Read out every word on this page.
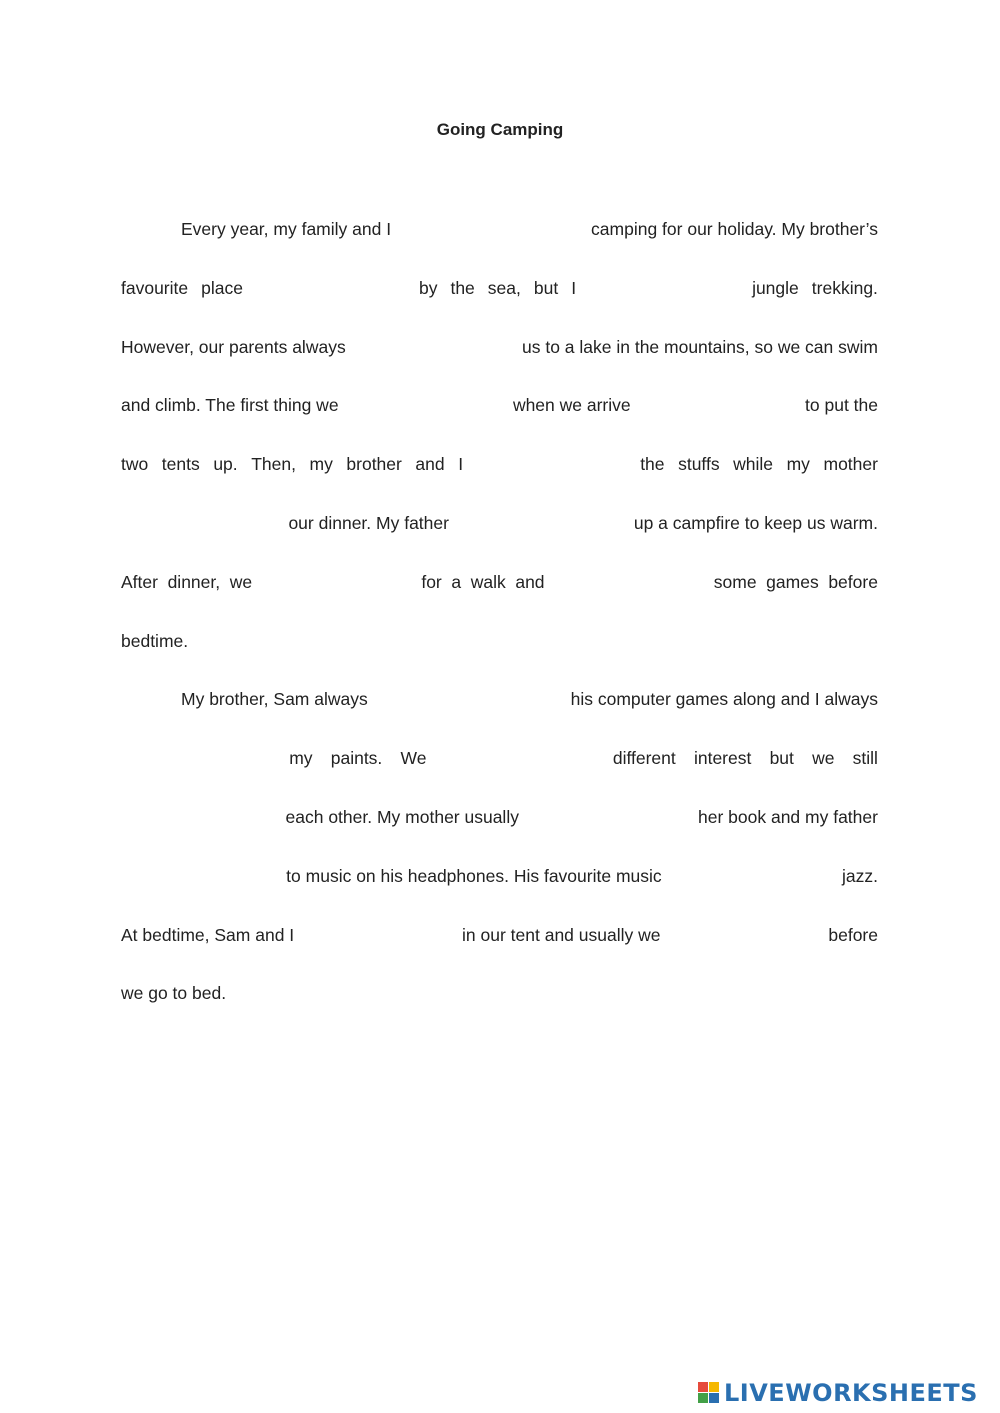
Going Camping
Every year, my family and I	camping for our holiday. My brother’s
favourite place	by the sea, but I	jungle trekking.
However, our parents always	us to a lake in the mountains, so we can swim
and climb. The first thing we	when we arrive	to put the
two tents up. Then, my brother and I	the stuffs while my mother
our dinner. My father	up a campfire to keep us warm.
After dinner, we	for a walk and	some games before
bedtime.
My brother, Sam always	his computer games along and I always
my paints. We	different interest but we still
each other. My mother usually	her book and my father
to music on his headphones. His favourite music	jazz.
At bedtime, Sam and I	in our tent and usually we	before
we go to bed.
LIVEWORKSHEETS
